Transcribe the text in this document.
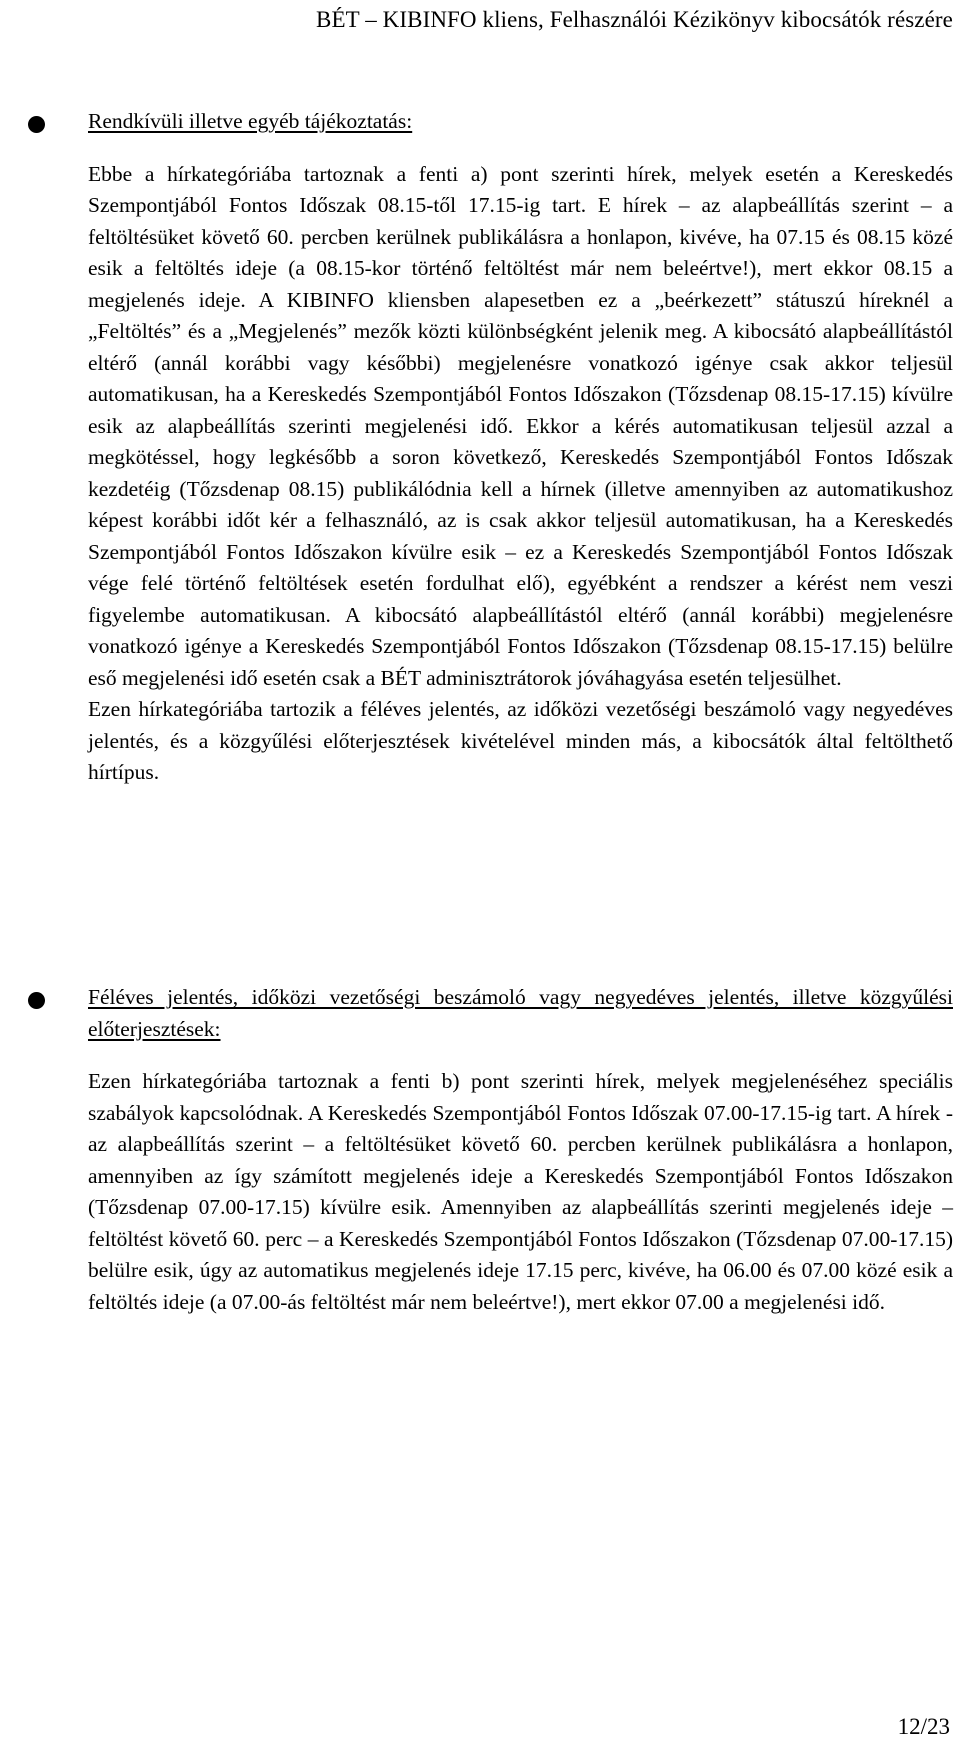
BÉT – KIBINFO kliens, Felhasználói Kézikönyv kibocsátók részére
Rendkívüli illetve egyéb tájékoztatás:
Ebbe a hírkategóriába tartoznak a fenti a) pont szerinti hírek, melyek esetén a Kereskedés Szempontjából Fontos Időszak 08.15-től 17.15-ig tart. E hírek – az alapbeállítás szerint – a feltöltésüket követő 60. percben kerülnek publikálásra a honlapon, kivéve, ha 07.15 és 08.15 közé esik a feltöltés ideje (a 08.15-kor történő feltöltést már nem beleértve!), mert ekkor 08.15 a megjelenés ideje. A KIBINFO kliensben alapesetben ez a „beérkezett” státuszú híreknél a „Feltöltés” és a „Megjelenés” mezők közti különbségként jelenik meg. A kibocsátó alapbeállítástól eltérő (annál korábbi vagy későbbi) megjelenésre vonatkozó igénye csak akkor teljesül automatikusan, ha a Kereskedés Szempontjából Fontos Időszakon (Tőzsdenap 08.15-17.15) kívülre esik az alapbeállítás szerinti megjelenési idő. Ekkor a kérés automatikusan teljesül azzal a megkötéssel, hogy legkésőbb a soron következő, Kereskedés Szempontjából Fontos Időszak kezdetéig (Tőzsdenap 08.15) publikálódnia kell a hírnek (illetve amennyiben az automatikushoz képest korábbi időt kér a felhasználó, az is csak akkor teljesül automatikusan, ha a Kereskedés Szempontjából Fontos Időszakon kívülre esik – ez a Kereskedés Szempontjából Fontos Időszak vége felé történő feltöltések esetén fordulhat elő), egyébként a rendszer a kérést nem veszi figyelembe automatikusan. A kibocsátó alapbeállítástól eltérő (annál korábbi) megjelenésre vonatkozó igénye a Kereskedés Szempontjából Fontos Időszakon (Tőzsdenap 08.15-17.15) belülre eső megjelenési idő esetén csak a BÉT adminisztrátorok jóváhagyása esetén teljesülhet.
Ezen hírkategóriába tartozik a féléves jelentés, az időközi vezetőségi beszámoló vagy negyedéves jelentés, és a közgyűlési előterjesztések kivételével minden más, a kibocsátók által feltölthető hírtípus.
Féléves jelentés, időközi vezetőségi beszámoló vagy negyedéves jelentés, illetve közgyűlési előterjesztések:
Ezen hírkategóriába tartoznak a fenti b) pont szerinti hírek, melyek megjelenéséhez speciális szabályok kapcsolódnak. A Kereskedés Szempontjából Fontos Időszak 07.00-17.15-ig tart. A hírek - az alapbeállítás szerint – a feltöltésüket követő 60. percben kerülnek publikálásra a honlapon, amennyiben az így számított megjelenés ideje a Kereskedés Szempontjából Fontos Időszakon (Tőzsdenap 07.00-17.15) kívülre esik. Amennyiben az alapbeállítás szerinti megjelenés ideje – feltöltést követő 60. perc – a Kereskedés Szempontjából Fontos Időszakon (Tőzsdenap 07.00-17.15) belülre esik, úgy az automatikus megjelenés ideje 17.15 perc, kivéve, ha 06.00 és 07.00 közé esik a feltöltés ideje (a 07.00-ás feltöltést már nem beleértve!), mert ekkor 07.00 a megjelenési idő.
12/23
